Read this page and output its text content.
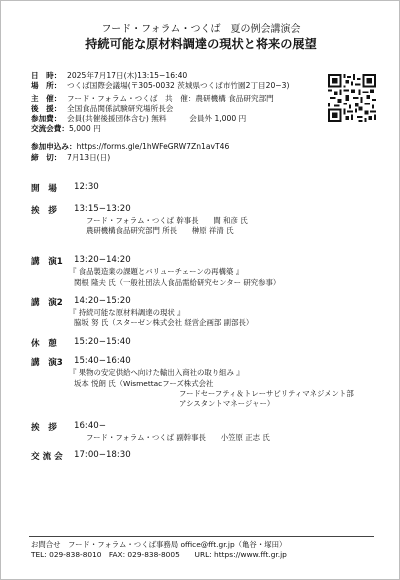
フード・フォラム・つくば　夏の例会講演会
持続可能な原材料調達の現状と将来の展望
日　時： 2025年7月17日(木)13:15−16:40
場　所： つくば国際会議場(〒305-0032 茨城県つくば市竹園2丁目20−3)
主　催： フード・フォラム・つくば　共　催：農研機構 食品研究部門
後　援： 全国食品関係試験研究場所長会
参加費： 会員(共催後援団体含む) 無料　　　会員外 1,000 円
交流会費：5,000 円
参加申込み：https://forms.gle/1hWFeGRW7Zn1avT46
締　切： 7月13日(日)
開　場 12:30
挨　拶 13:15−13:20
フード・フォラム・つくば 幹事長　　間 和彦 氏
農研機構食品研究部門 所長　　榊原 祥清 氏
講　演1 13:20−14:20
『 食品製造業の課題とバリューチェーンの再構築 』
関根 隆夫 氏（一般社団法人食品需給研究センター 研究参事）
講　演2 14:20−15:20
『 持続可能な原材料調達の現状 』
脇坂 努 氏（スターゼン株式会社 経営企画部 副部長）
休　憩 15:20−15:40
講　演3 15:40−16:40
『 果物の安定供給へ向けた輸出入商社の取り組み 』
坂本 悦朗 氏（Wismettacフーズ株式会社
フードセーフティ＆トレーサビリティマネジメント部
アシスタントマネージャー）
挨　拶 16:40−
フード・フォラム・つくば 副幹事長　　小笠原 正志 氏
交 流 会 17:00−18:30
お問合せ　フード・フォラム・つくば事務局 office@fft.gr.jp（亀谷・塚田）
TEL: 029-838-8010　FAX: 029-838-8005　　URL: https://www.fft.gr.jp
